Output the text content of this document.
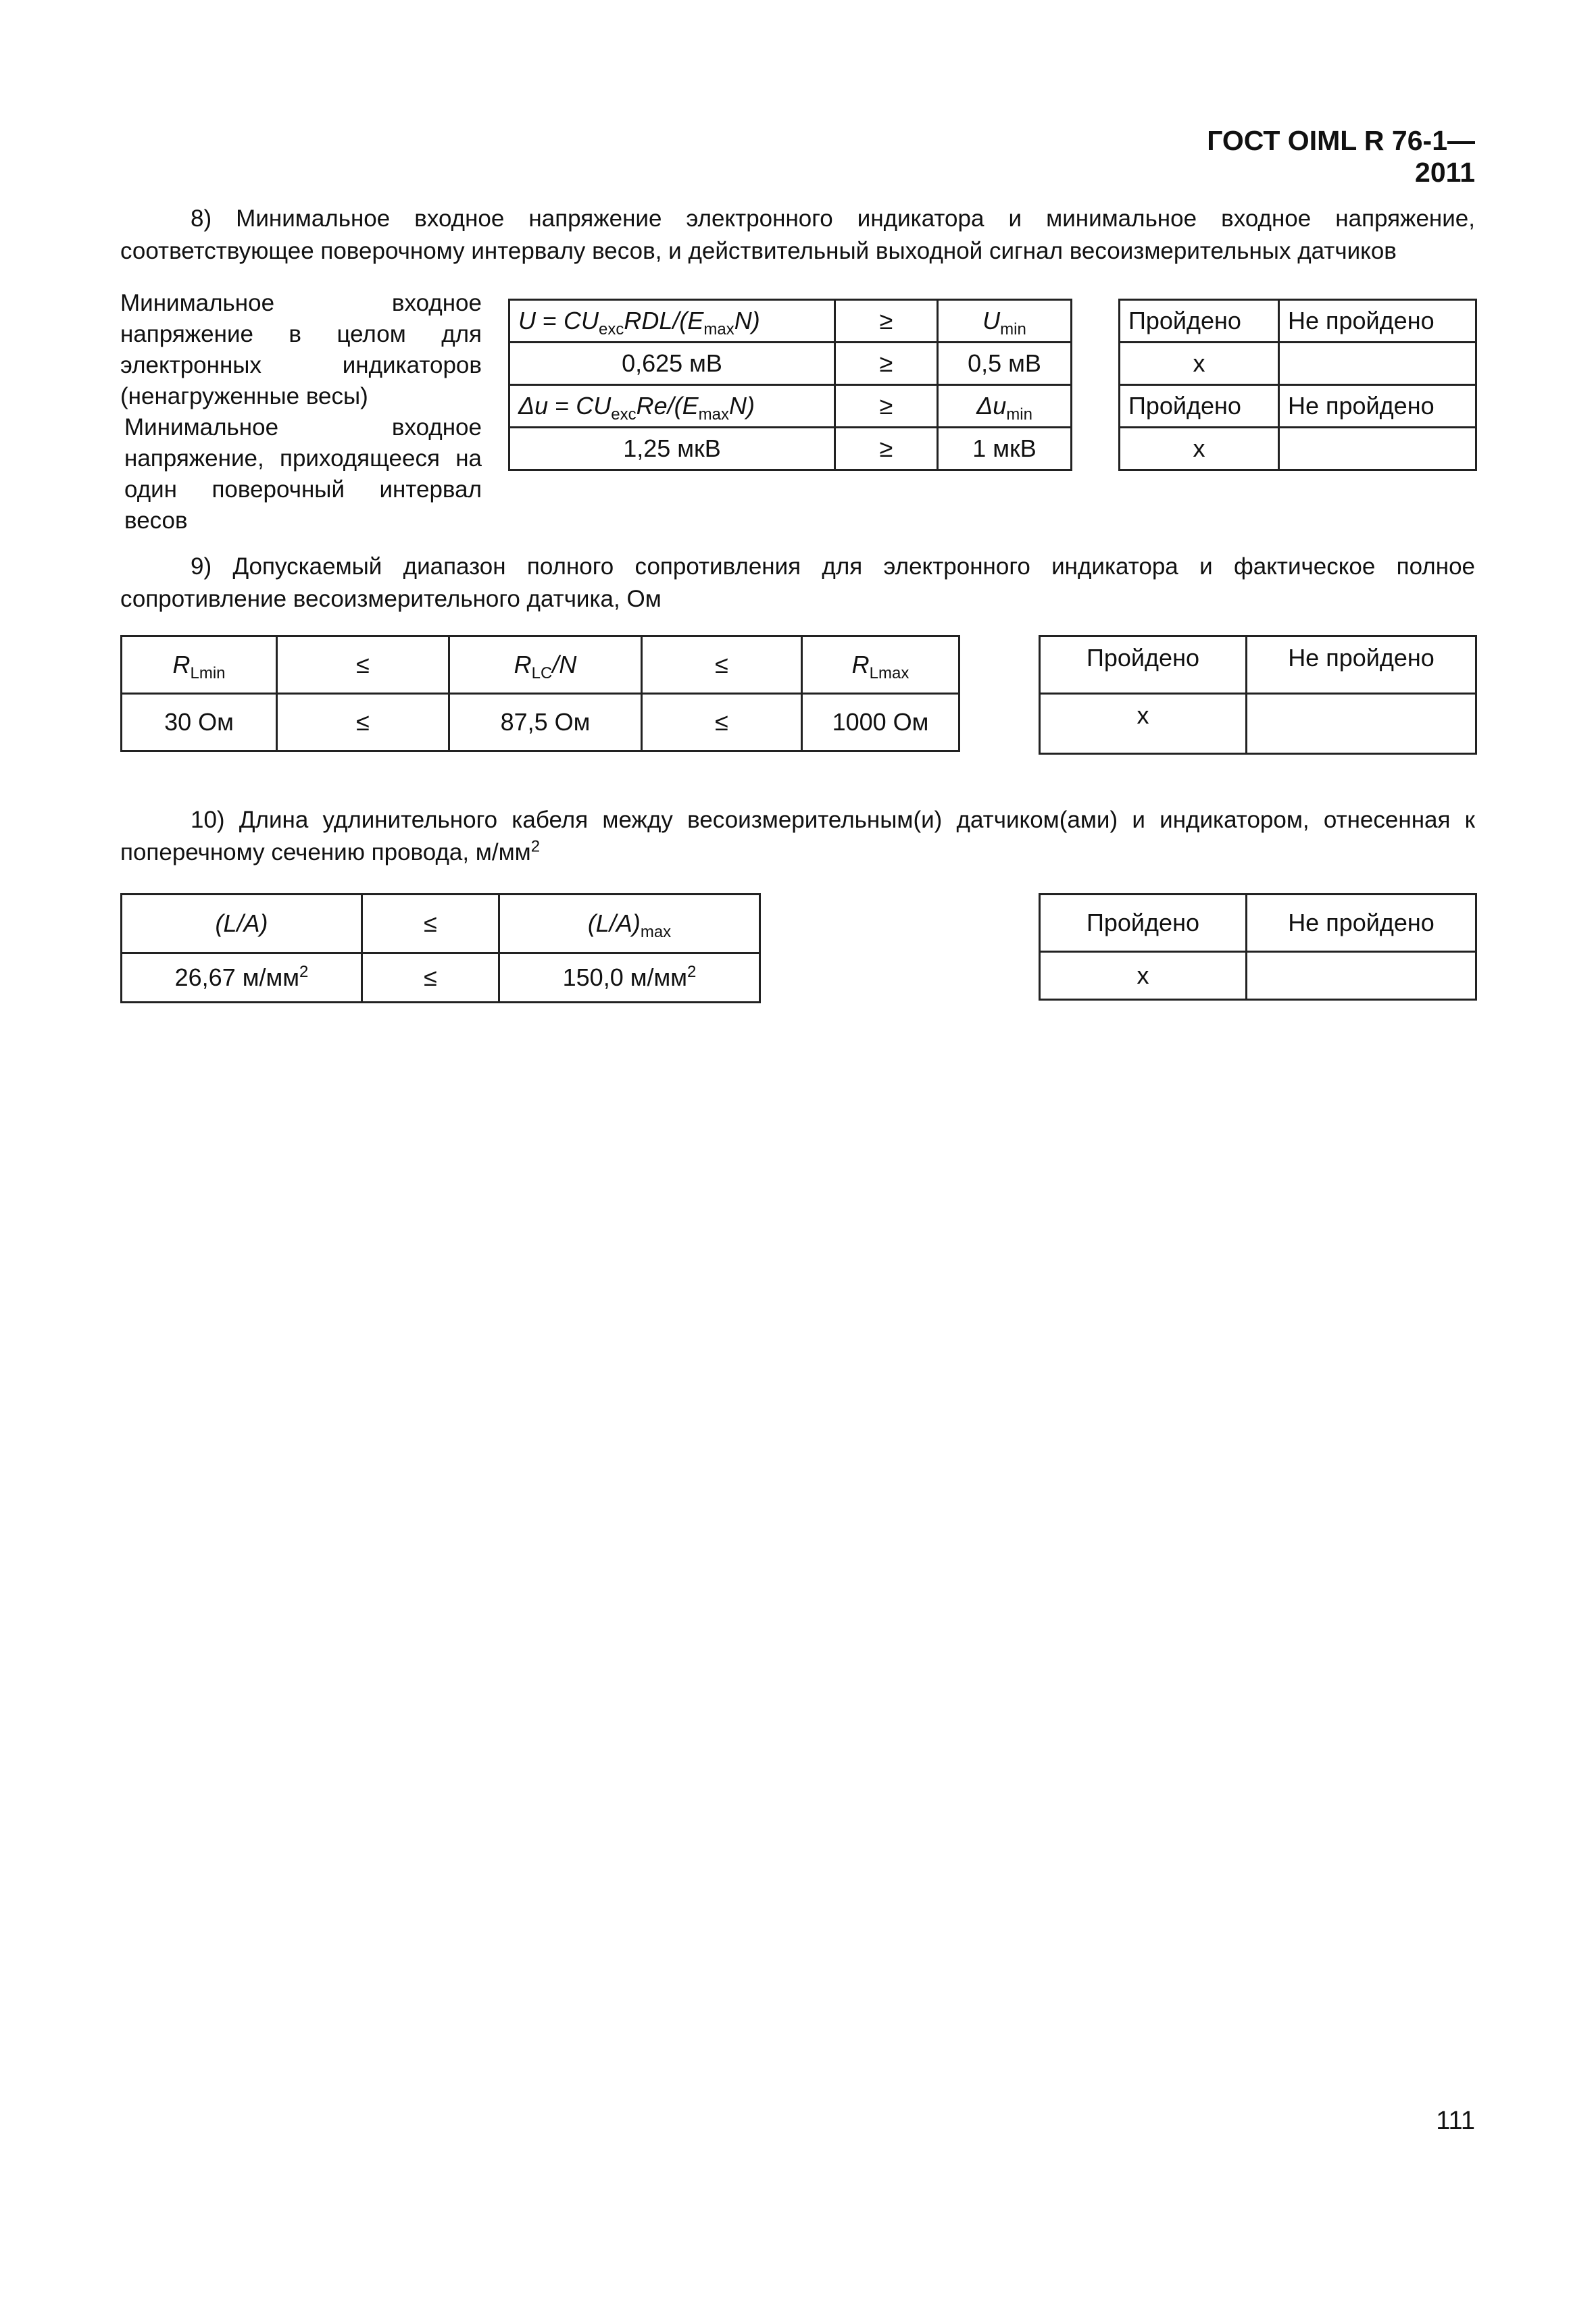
ГОСТ OIML R 76-1—2011
8) Минимальное входное напряжение электронного индикатора и минимальное входное напряжение, соответствующее поверочному интервалу весов, и действительный выходной сигнал весоизмерительных датчиков
Минимальное входное напряжение в целом для электронных индикаторов (ненагруженные весы)
Минимальное входное напряжение, приходящееся на один поверочный интервал весов
$U = CU_{exc}RDL/(E_{max}N)$	≥	$U_{min}$
0,625 мВ	≥	0,5 мВ
$\Delta u = CU_{exc}Re/(E_{max}N)$	≥	$\Delta u_{min}$
1,25 мкВ	≥	1 мкВ
Пройдено	Не пройдено
x	
Пройдено	Не пройдено
x	
9) Допускаемый диапазон полного сопротивления для электронного индикатора и фактическое полное сопротивление весоизмерительного датчика, Ом
$R_{Lmin}$	≤	$R_{LC}/N$	≤	$R_{Lmax}$
30 Ом	≤	87,5 Ом	≤	1000 Ом
Пройдено	Не пройдено
x	
10) Длина удлинительного кабеля между весоизмерительным(и) датчиком(ами) и индикатором, отнесенная к поперечному сечению провода, $м/мм^2$
(L/A)	≤	$(L/A)_{max}$
26,67 $м/мм^2$	≤	150,0 $м/мм^2$
Пройдено	Не пройдено
x	
111
